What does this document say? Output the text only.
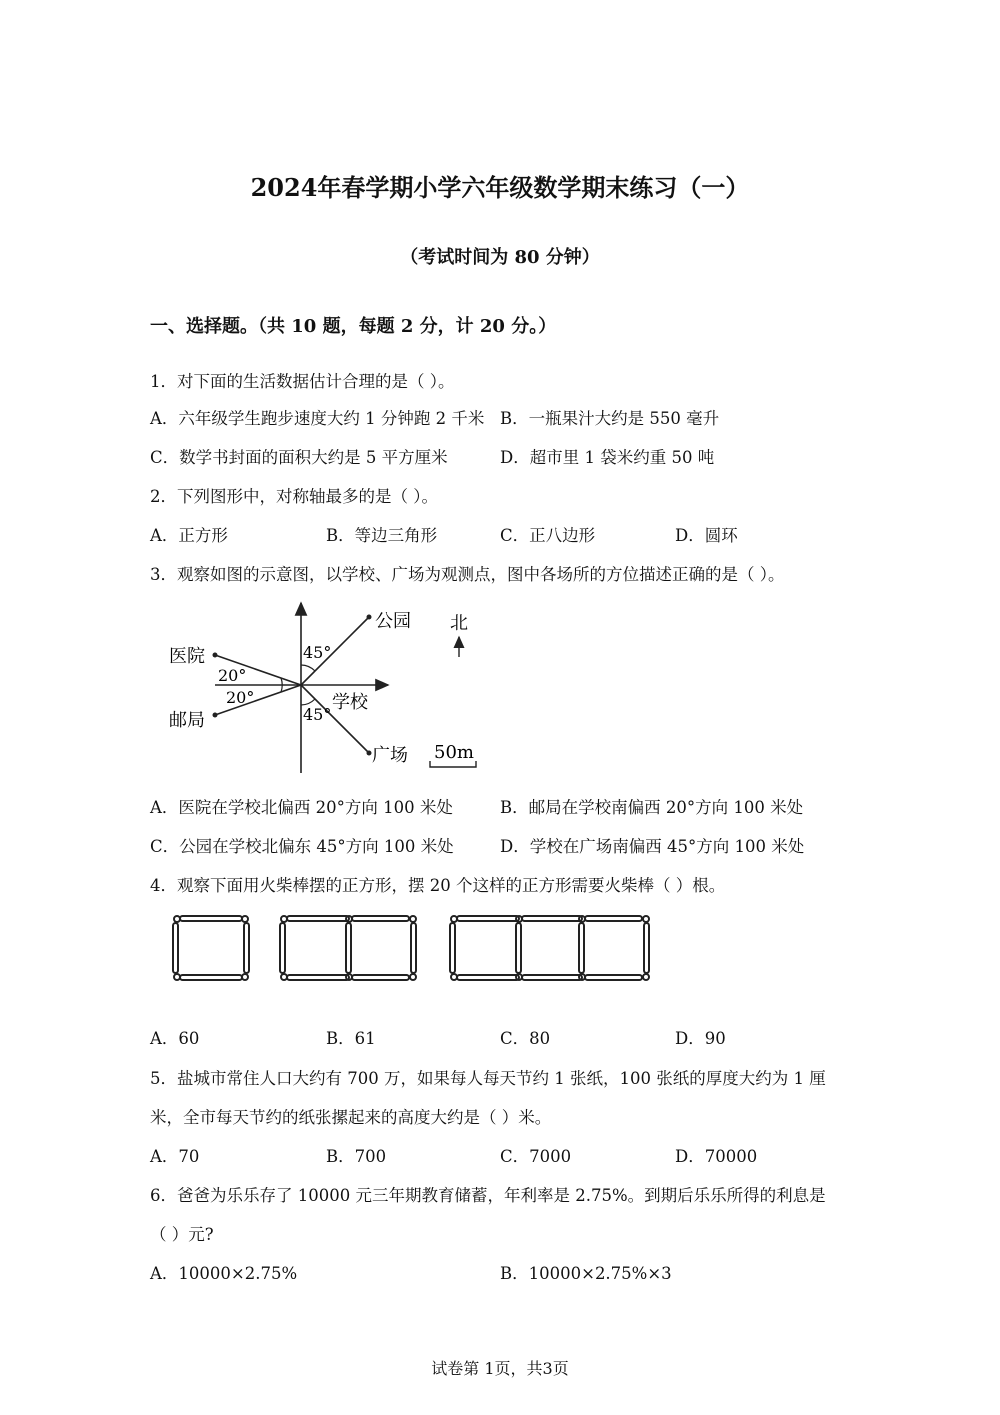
2024年春学期小学六年级数学期末练习（一）
（考试时间为 80 分钟）
一、选择题。（共 10 题，每题 2 分，计 20 分。）
1．对下面的生活数据估计合理的是（ ）。
A．六年级学生跑步速度大约 1 分钟跑 2 千米 B．一瓶果汁大约是 550 毫升
C．数学书封面的面积大约是 5 平方厘米	D．超市里 1 袋米约重 50 吨
2．下列图形中，对称轴最多的是（ ）。
A．正方形	B．等边三角形	C．正八边形	D．圆环
3．观察如图的示意图，以学校、广场为观测点，图中各场所的方位描述正确的是（ ）。
医院
邮局
公园
学校
广场
北
20°
20°
45°
45°
50m
A．医院在学校北偏西 20°方向 100 米处	B．邮局在学校南偏西 20°方向 100 米处
C．公园在学校北偏东 45°方向 100 米处	D．学校在广场南偏西 45°方向 100 米处
4．观察下面用火柴棒摆的正方形，摆 20 个这样的正方形需要火柴棒（ ）根。
A．60	B．61	C．80	D．90
5．盐城市常住人口大约有 700 万，如果每人每天节约 1 张纸，100 张纸的厚度大约为 1 厘
米，全市每天节约的纸张摞起来的高度大约是（ ）米。
A．70	B．700	C．7000	D．70000
6．爸爸为乐乐存了 10000 元三年期教育储蓄，年利率是 2.75%。到期后乐乐所得的利息是
（ ）元?
A．10000×2.75%	B．10000×2.75%×3
试卷第 1页，共3页
